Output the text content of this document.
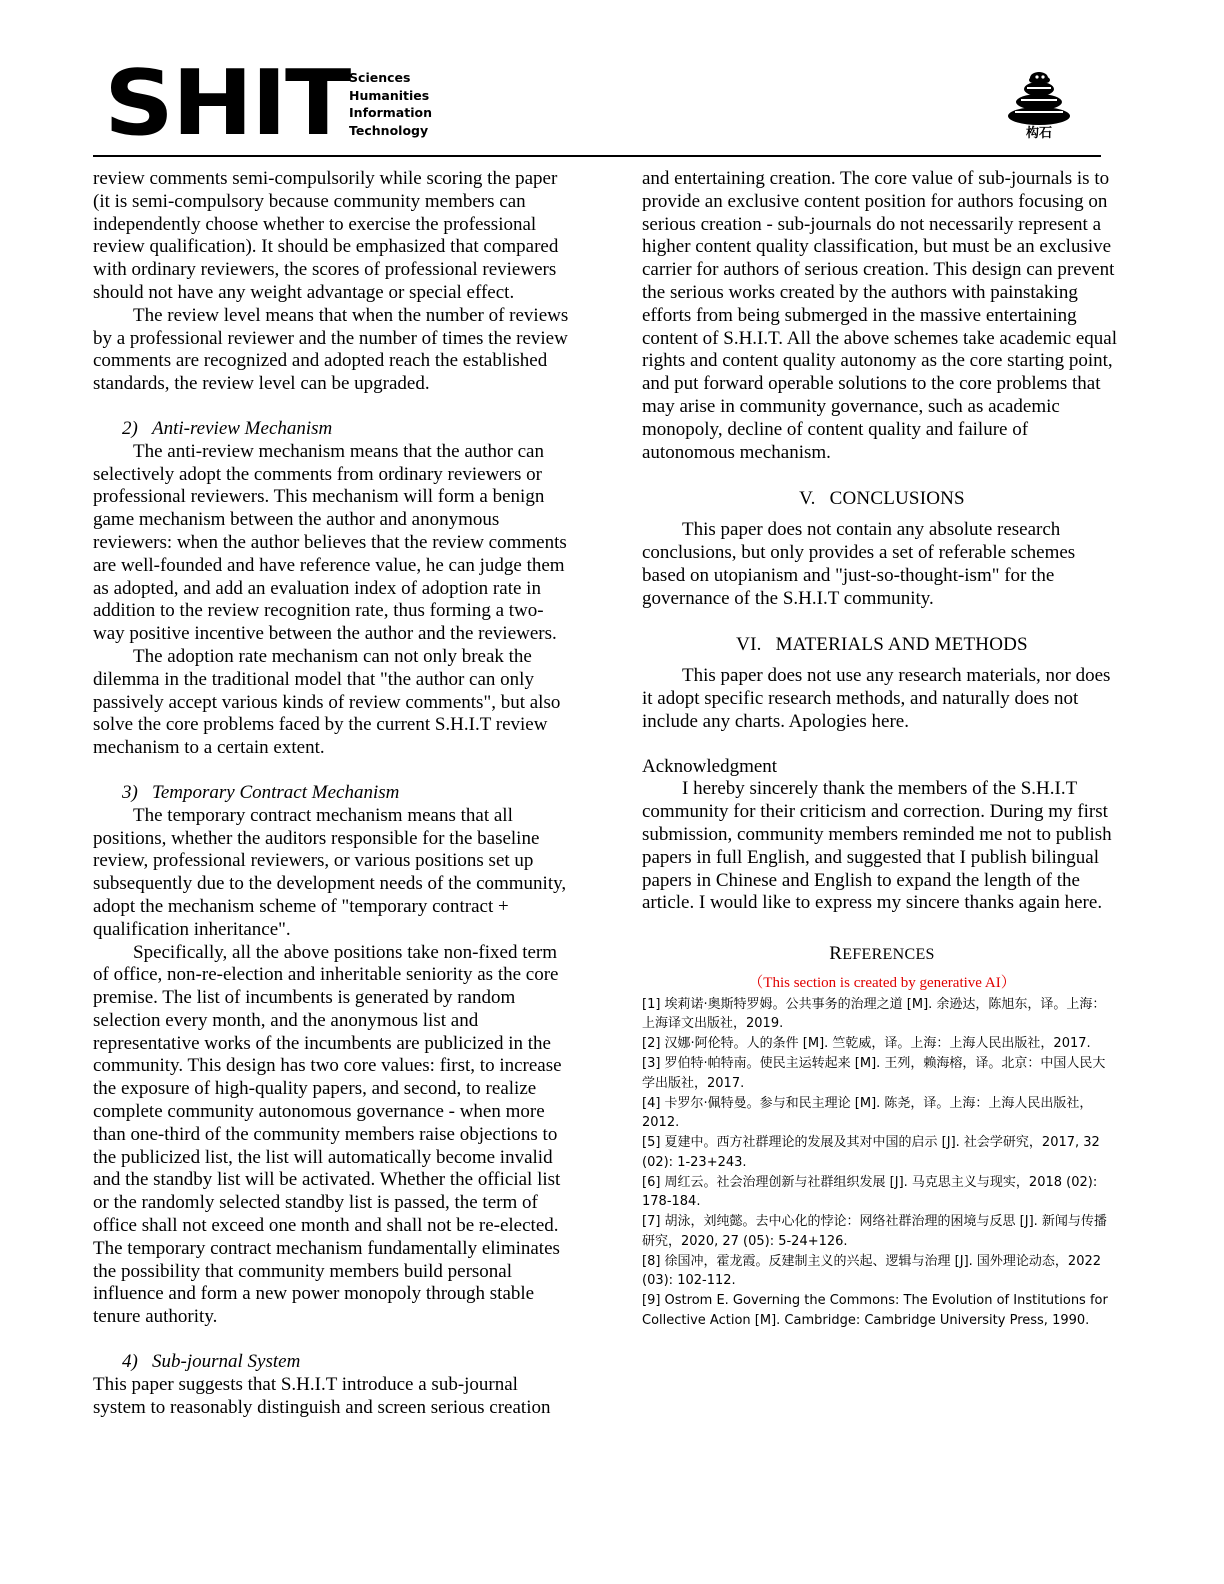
SHIT Sciences
Humanities
Information
Technology	构石

review comments semi-compulsorily while scoring the paper (it is semi-compulsory because community members can independently choose whether to exercise the professional review qualification). It should be emphasized that compared with ordinary reviewers, the scores of professional reviewers should not have any weight advantage or special effect.

The review level means that when the number of reviews by a professional reviewer and the number of times the review comments are recognized and adopted reach the established standards, the review level can be upgraded.

2) Anti-review Mechanism

The anti-review mechanism means that the author can selectively adopt the comments from ordinary reviewers or professional reviewers. This mechanism will form a benign game mechanism between the author and anonymous reviewers: when the author believes that the review comments are well-founded and have reference value, he can judge them as adopted, and add an evaluation index of adoption rate in addition to the review recognition rate, thus forming a two-way positive incentive between the author and the reviewers.

The adoption rate mechanism can not only break the dilemma in the traditional model that "the author can only passively accept various kinds of review comments", but also solve the core problems faced by the current S.H.I.T review mechanism to a certain extent.

3) Temporary Contract Mechanism

The temporary contract mechanism means that all positions, whether the auditors responsible for the baseline review, professional reviewers, or various positions set up subsequently due to the development needs of the community, adopt the mechanism scheme of "temporary contract + qualification inheritance".

Specifically, all the above positions take non-fixed term of office, non-re-election and inheritable seniority as the core premise. The list of incumbents is generated by random selection every month, and the anonymous list and representative works of the incumbents are publicized in the community. This design has two core values: first, to increase the exposure of high-quality papers, and second, to realize complete community autonomous governance - when more than one-third of the community members raise objections to the publicized list, the list will automatically become invalid and the standby list will be activated. Whether the official list or the randomly selected standby list is passed, the term of office shall not exceed one month and shall not be re-elected. The temporary contract mechanism fundamentally eliminates the possibility that community members build personal influence and form a new power monopoly through stable tenure authority.

4) Sub-journal System

This paper suggests that S.H.I.T introduce a sub-journal system to reasonably distinguish and screen serious creation

and entertaining creation. The core value of sub-journals is to provide an exclusive content position for authors focusing on serious creation - sub-journals do not necessarily represent a higher content quality classification, but must be an exclusive carrier for authors of serious creation. This design can prevent the serious works created by the authors with painstaking efforts from being submerged in the massive entertaining content of S.H.I.T. All the above schemes take academic equal rights and content quality autonomy as the core starting point, and put forward operable solutions to the core problems that may arise in community governance, such as academic monopoly, decline of content quality and failure of autonomous mechanism.

V. CONCLUSIONS

This paper does not contain any absolute research conclusions, but only provides a set of referable schemes based on utopianism and "just-so-thought-ism" for the governance of the S.H.I.T community.

VI. MATERIALS AND METHODS

This paper does not use any research materials, nor does it adopt specific research methods, and naturally does not include any charts. Apologies here.

Acknowledgment

I hereby sincerely thank the members of the S.H.I.T community for their criticism and correction. During my first submission, community members reminded me not to publish papers in full English, and suggested that I publish bilingual papers in Chinese and English to expand the length of the article. I would like to express my sincere thanks again here.

REFERENCES

（This section is created by generative AI）

[1] 埃莉诺·奥斯特罗姆。公共事务的治理之道 [M]. 余逊达，陈旭东，译。上海：上海译文出版社，2019.

[2] 汉娜·阿伦特。人的条件 [M]. 竺乾威，译。上海：上海人民出版社，2017.

[3] 罗伯特·帕特南。使民主运转起来 [M]. 王列，赖海榕，译。北京：中国人民大学出版社，2017.

[4] 卡罗尔·佩特曼。参与和民主理论 [M]. 陈尧，译。上海：上海人民出版社，2012.

[5] 夏建中。西方社群理论的发展及其对中国的启示 [J]. 社会学研究，2017, 32 (02): 1-23+243.

[6] 周红云。社会治理创新与社群组织发展 [J]. 马克思主义与现实，2018 (02): 178-184.

[7] 胡泳，刘纯懿。去中心化的悖论：网络社群治理的困境与反思 [J]. 新闻与传播研究，2020, 27 (05): 5-24+126.

[8] 徐国冲，霍龙霞。反建制主义的兴起、逻辑与治理 [J]. 国外理论动态，2022 (03): 102-112.

[9] Ostrom E. Governing the Commons: The Evolution of Institutions for Collective Action [M]. Cambridge: Cambridge University Press, 1990.
